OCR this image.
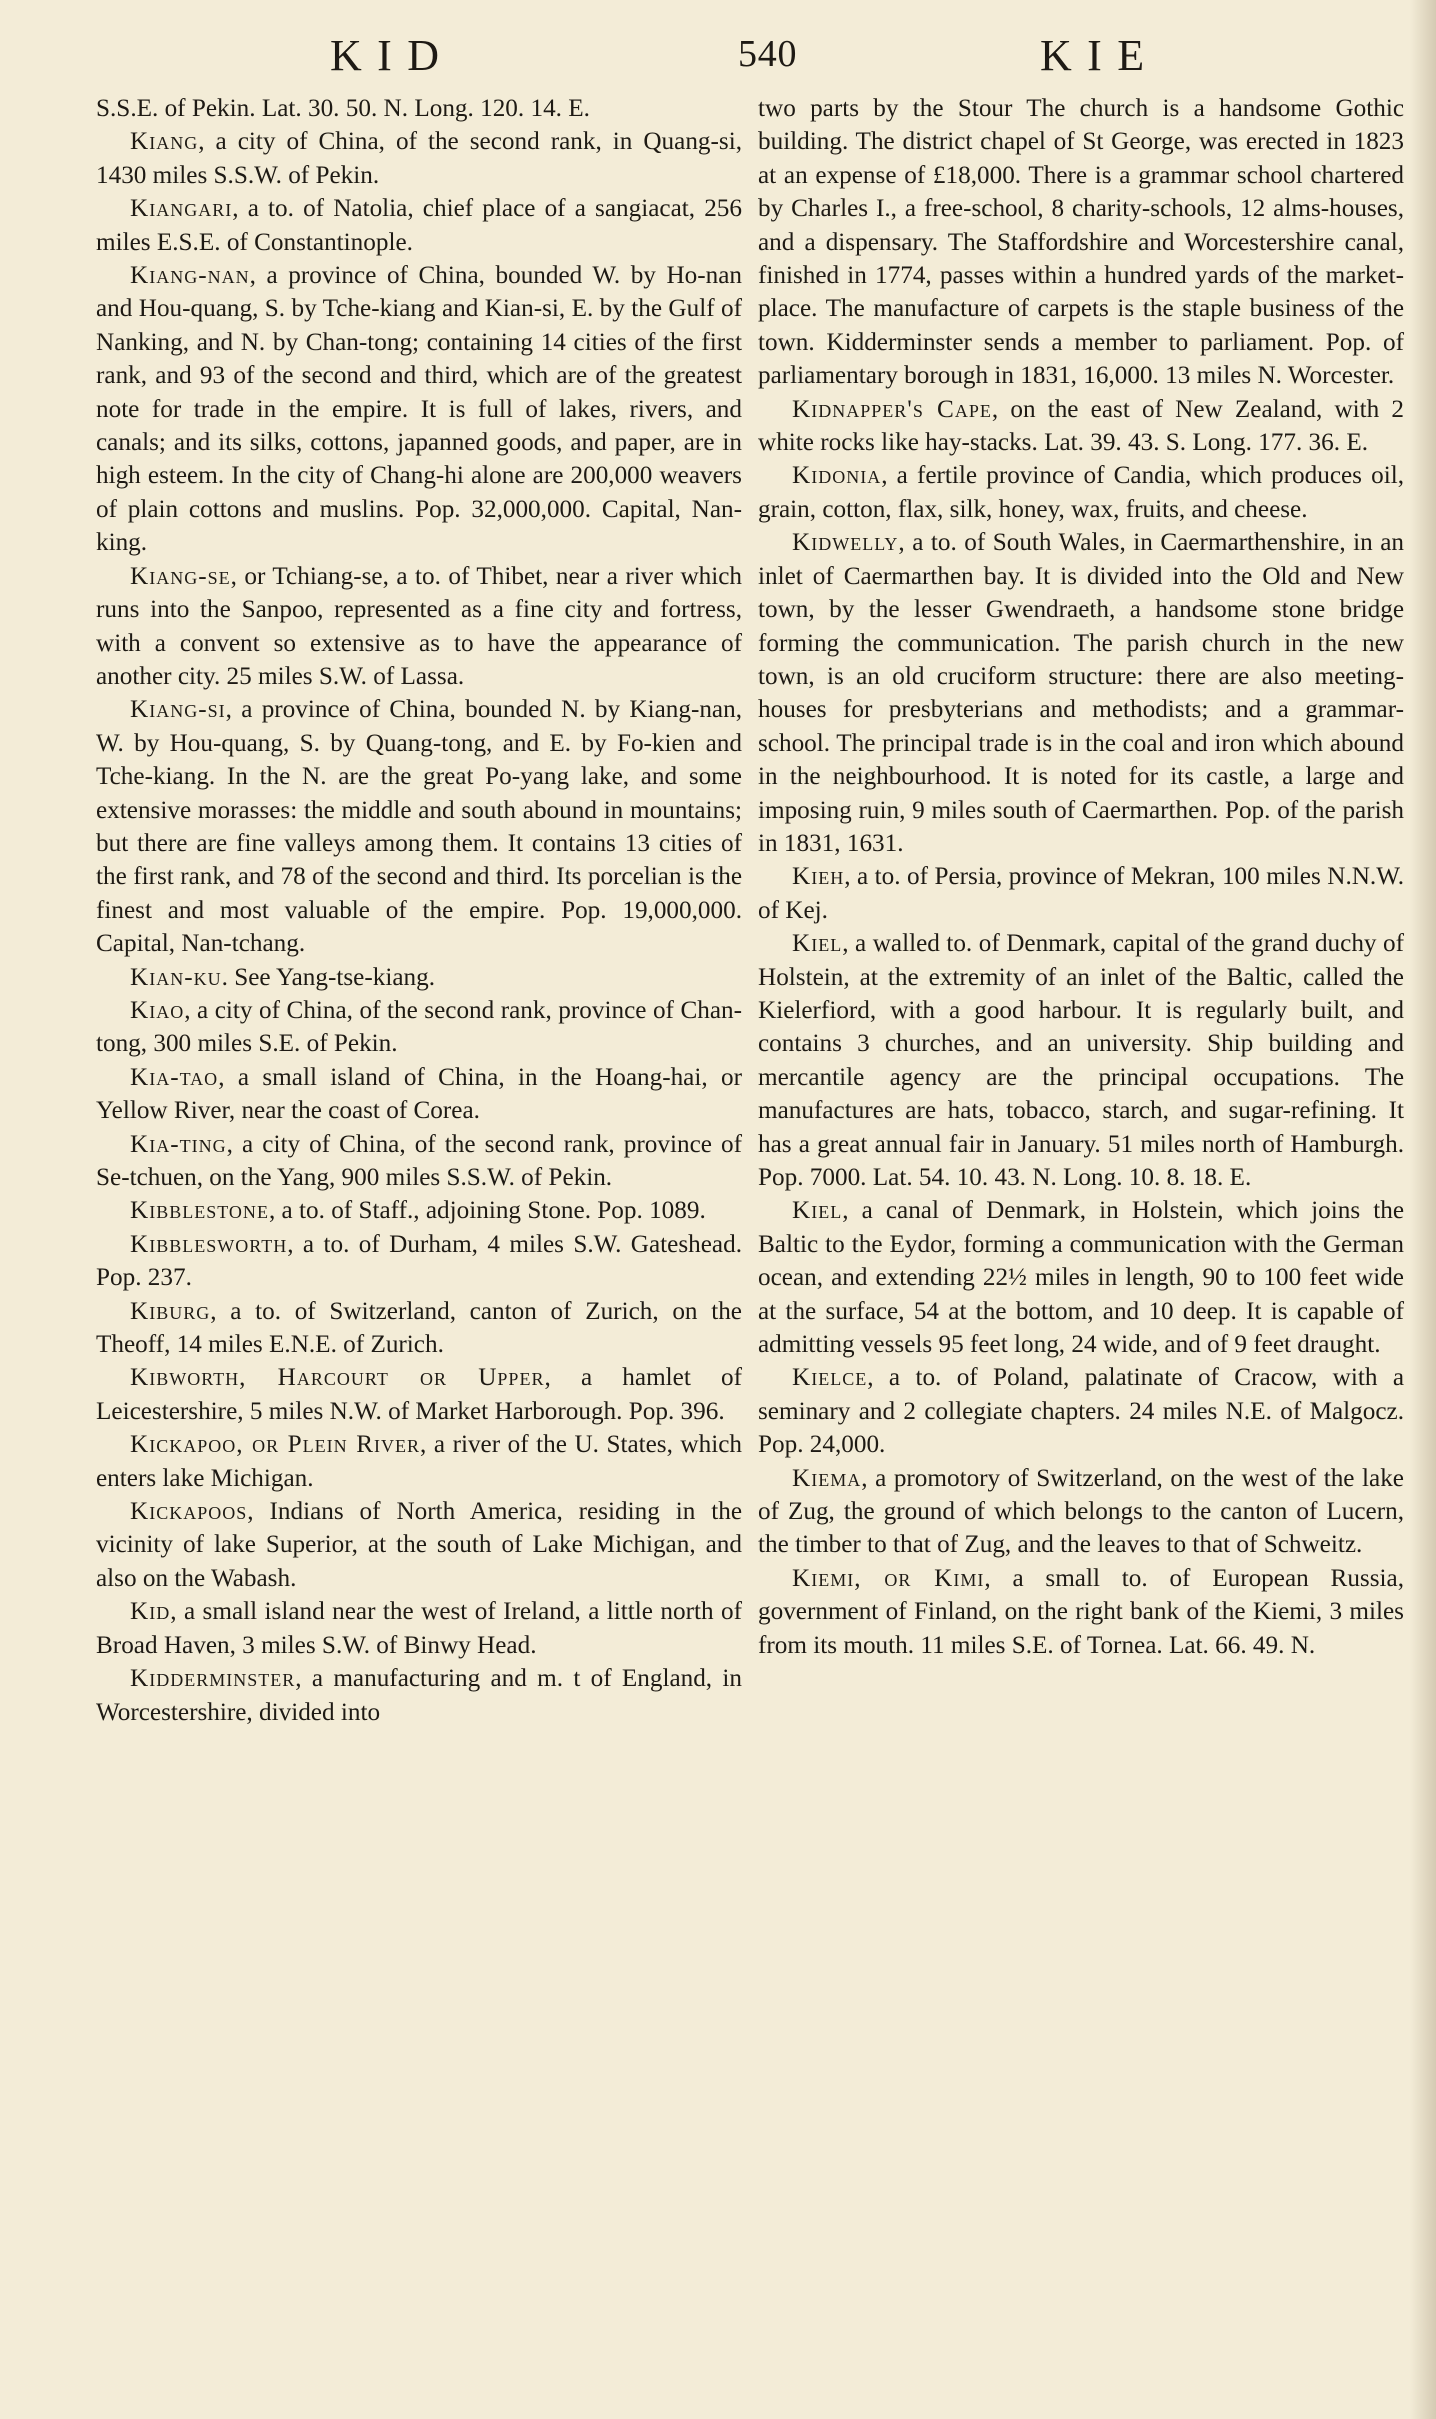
KID	540	KIE

S.S.E. of Pekin. Lat. 30. 50. N. Long. 120. 14. E.

Kiang, a city of China, of the second rank, in Quang-si, 1430 miles S.S.W. of Pekin.

Kiangari, a to. of Natolia, chief place of a sangiacat, 256 miles E.S.E. of Constantinople.

Kiang-nan, a province of China, bounded W. by Ho-nan and Hou-quang, S. by Tche-kiang and Kian-si, E. by the Gulf of Nanking, and N. by Chan-tong; containing 14 cities of the first rank, and 93 of the second and third, which are of the greatest note for trade in the empire. It is full of lakes, rivers, and canals; and its silks, cottons, japanned goods, and paper, are in high esteem. In the city of Chang-hi alone are 200,000 weavers of plain cottons and muslins. Pop. 32,000,000. Capital, Nan-king.

Kiang-se, or Tchiang-se, a to. of Thibet, near a river which runs into the Sanpoo, represented as a fine city and fortress, with a convent so extensive as to have the appearance of another city. 25 miles S.W. of Lassa.

Kiang-si, a province of China, bounded N. by Kiang-nan, W. by Hou-quang, S. by Quang-tong, and E. by Fo-kien and Tche-kiang. In the N. are the great Po-yang lake, and some extensive morasses: the middle and south abound in mountains; but there are fine valleys among them. It contains 13 cities of the first rank, and 78 of the second and third. Its porcelian is the finest and most valuable of the empire. Pop. 19,000,000. Capital, Nan-tchang.

Kian-ku. See Yang-tse-kiang.

Kiao, a city of China, of the second rank, province of Chan-tong, 300 miles S.E. of Pekin.

Kia-tao, a small island of China, in the Hoang-hai, or Yellow River, near the coast of Corea.

Kia-ting, a city of China, of the second rank, province of Se-tchuen, on the Yang, 900 miles S.S.W. of Pekin.

Kibblestone, a to. of Staff., adjoining Stone. Pop. 1089.

Kibblesworth, a to. of Durham, 4 miles S.W. Gateshead. Pop. 237.

Kiburg, a to. of Switzerland, canton of Zurich, on the Theoff, 14 miles E.N.E. of Zurich.

Kibworth, Harcourt or Upper, a hamlet of Leicestershire, 5 miles N.W. of Market Harborough. Pop. 396.

Kickapoo, or Plein River, a river of the U. States, which enters lake Michigan.

Kickapoos, Indians of North America, residing in the vicinity of lake Superior, at the south of Lake Michigan, and also on the Wabash.

Kid, a small island near the west of Ireland, a little north of Broad Haven, 3 miles S.W. of Binwy Head.

Kidderminster, a manufacturing and m. t of England, in Worcestershire, divided into

two parts by the Stour The church is a handsome Gothic building. The district chapel of St George, was erected in 1823 at an expense of £18,000. There is a grammar school chartered by Charles I., a free-school, 8 charity-schools, 12 alms-houses, and a dispensary. The Staffordshire and Worcestershire canal, finished in 1774, passes within a hundred yards of the market-place. The manufacture of carpets is the staple business of the town. Kidderminster sends a member to parliament. Pop. of parliamentary borough in 1831, 16,000. 13 miles N. Worcester.

Kidnapper's Cape, on the east of New Zealand, with 2 white rocks like hay-stacks. Lat. 39. 43. S. Long. 177. 36. E.

Kidonia, a fertile province of Candia, which produces oil, grain, cotton, flax, silk, honey, wax, fruits, and cheese.

Kidwelly, a to. of South Wales, in Caermarthenshire, in an inlet of Caermarthen bay. It is divided into the Old and New town, by the lesser Gwendraeth, a handsome stone bridge forming the communication. The parish church in the new town, is an old cruciform structure: there are also meeting-houses for presbyterians and methodists; and a grammar-school. The principal trade is in the coal and iron which abound in the neighbourhood. It is noted for its castle, a large and imposing ruin, 9 miles south of Caermarthen. Pop. of the parish in 1831, 1631.

Kieh, a to. of Persia, province of Mekran, 100 miles N.N.W. of Kej.

Kiel, a walled to. of Denmark, capital of the grand duchy of Holstein, at the extremity of an inlet of the Baltic, called the Kielerfiord, with a good harbour. It is regularly built, and contains 3 churches, and an university. Ship building and mercantile agency are the principal occupations. The manufactures are hats, tobacco, starch, and sugar-refining. It has a great annual fair in January. 51 miles north of Hamburgh. Pop. 7000. Lat. 54. 10. 43. N. Long. 10. 8. 18. E.

Kiel, a canal of Denmark, in Holstein, which joins the Baltic to the Eydor, forming a communication with the German ocean, and extending 22½ miles in length, 90 to 100 feet wide at the surface, 54 at the bottom, and 10 deep. It is capable of admitting vessels 95 feet long, 24 wide, and of 9 feet draught.

Kielce, a to. of Poland, palatinate of Cracow, with a seminary and 2 collegiate chapters. 24 miles N.E. of Malgocz. Pop. 24,000.

Kiema, a promotory of Switzerland, on the west of the lake of Zug, the ground of which belongs to the canton of Lucern, the timber to that of Zug, and the leaves to that of Schweitz.

Kiemi, or Kimi, a small to. of European Russia, government of Finland, on the right bank of the Kiemi, 3 miles from its mouth. 11 miles S.E. of Tornea. Lat. 66. 49. N.
